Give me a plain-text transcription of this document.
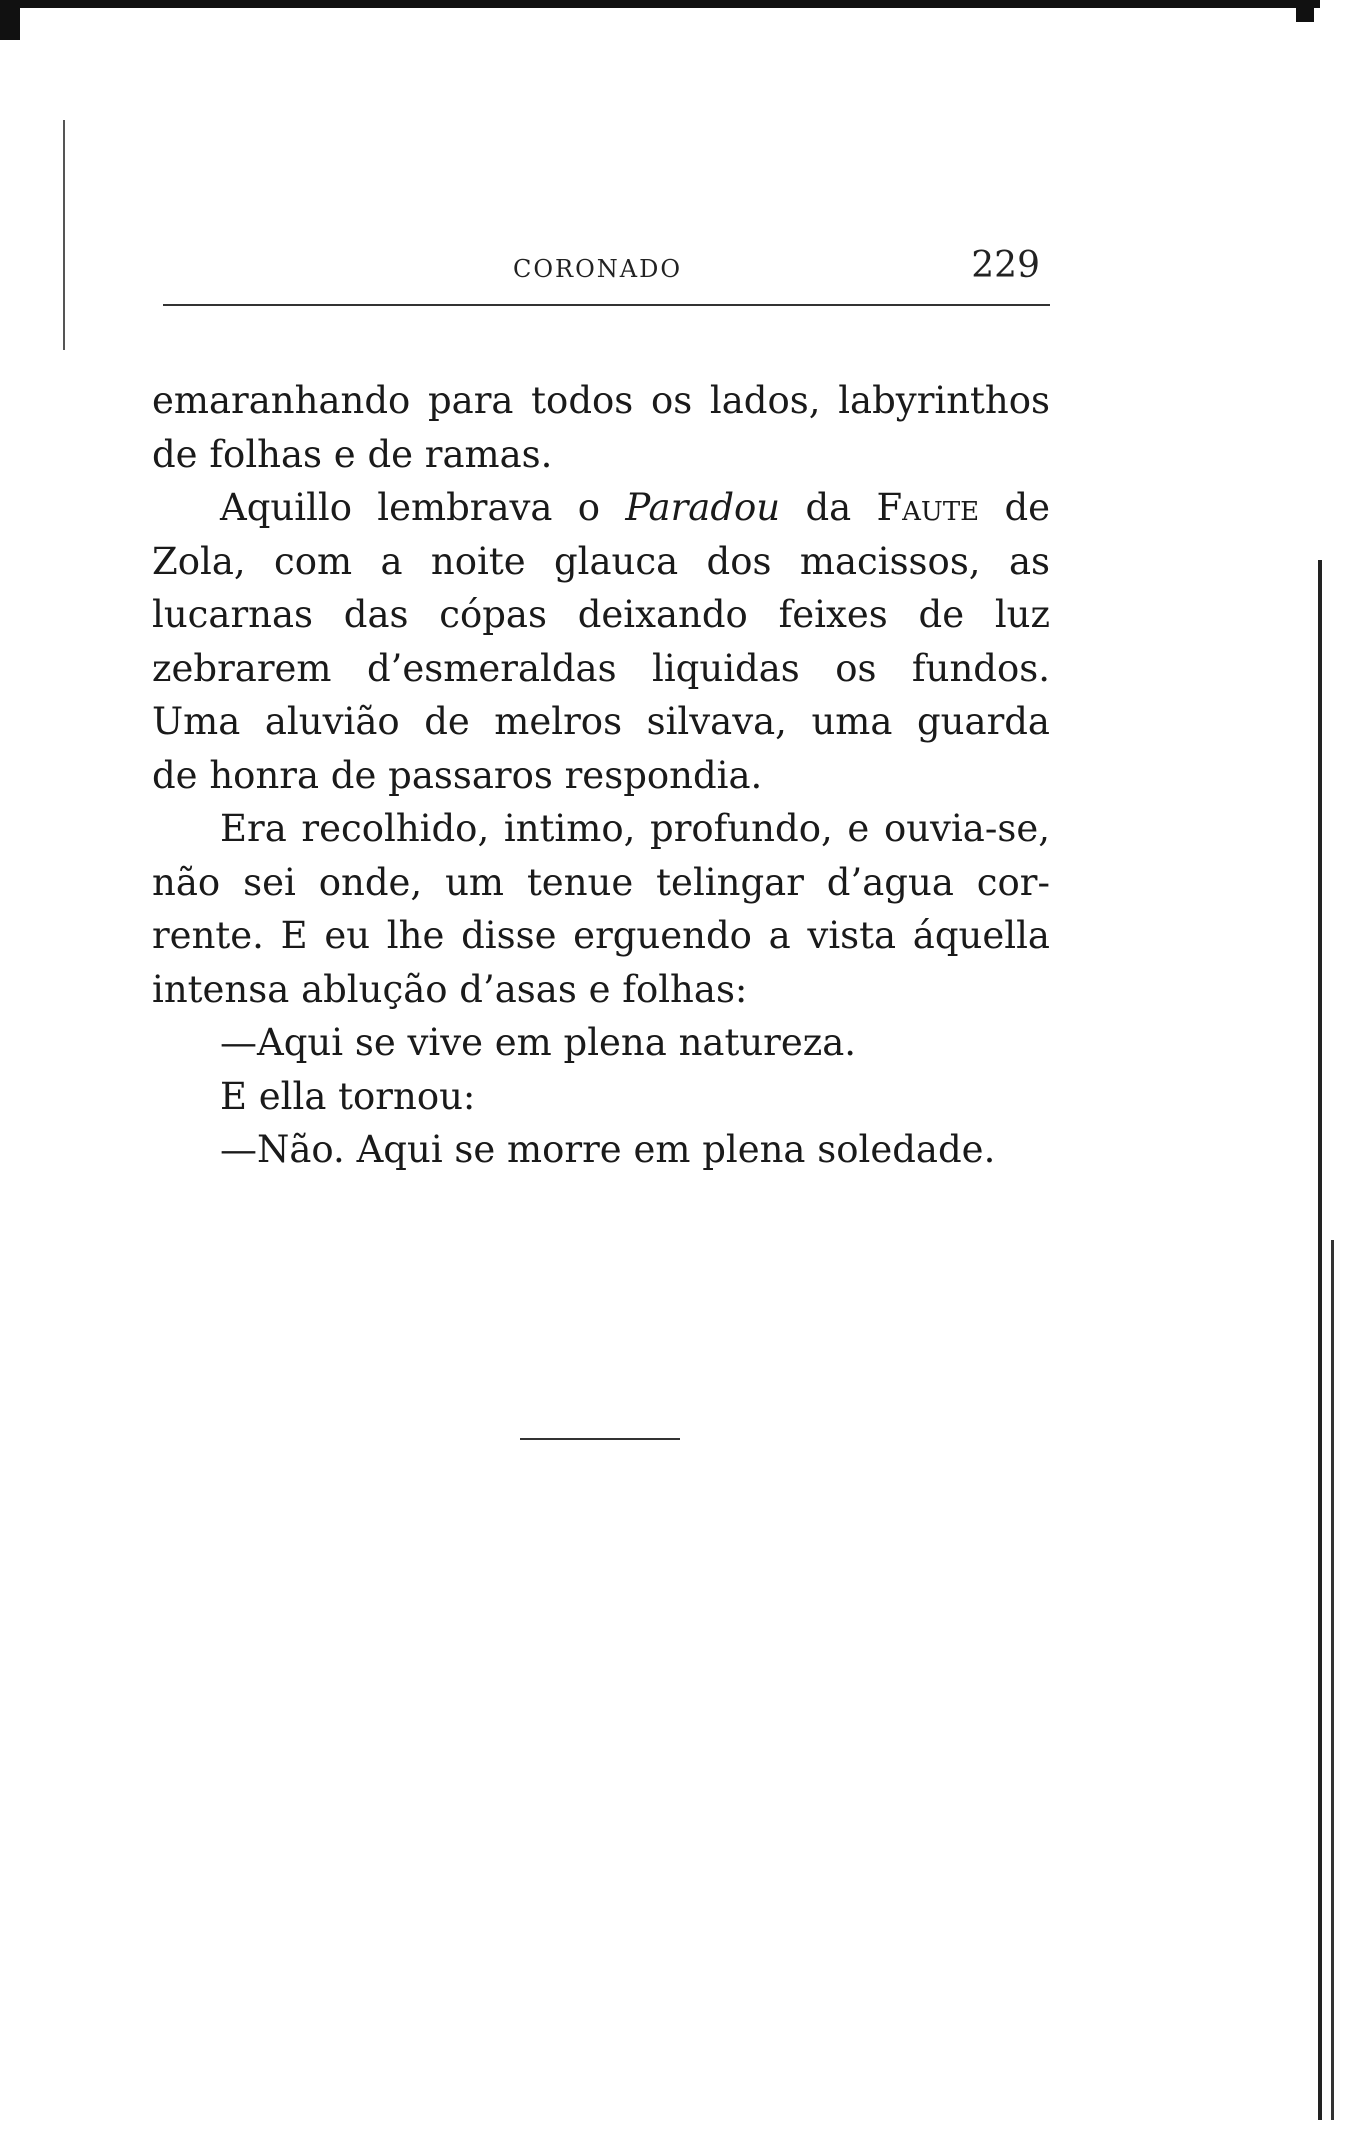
CORONADO	229
emaranhando para todos os lados, labyrinthos
de folhas e de ramas.
Aquillo lembrava o Paradou da Faute de
Zola, com a noite glauca dos macissos, as
lucarnas das cópas deixando feixes de luz
zebrarem d’esmeraldas liquidas os fundos.
Uma aluvião de melros silvava, uma guarda
de honra de passaros respondia.
Era recolhido, intimo, profundo, e ouvia-se,
não sei onde, um tenue telingar d’agua cor-
rente. E eu lhe disse erguendo a vista áquella
intensa ablução d’asas e folhas:
—Aqui se vive em plena natureza.
E ella tornou:
—Não. Aqui se morre em plena soledade.
